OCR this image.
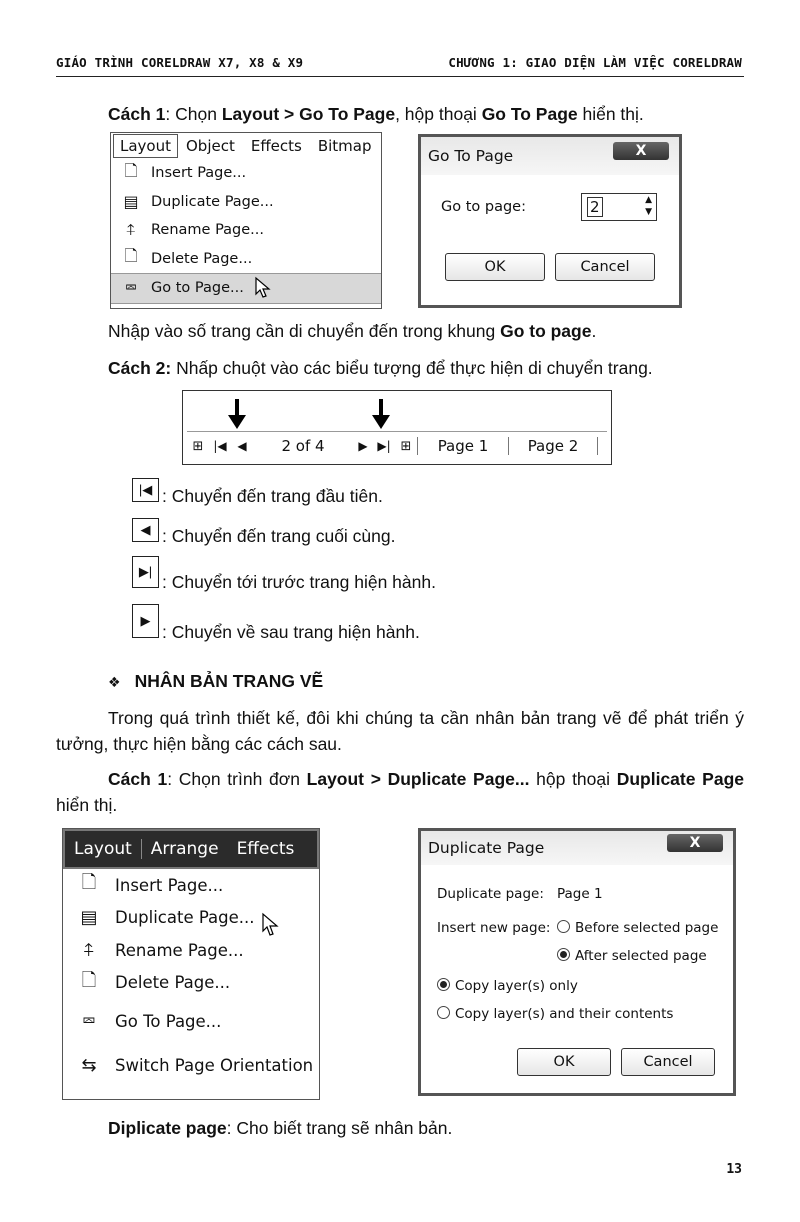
GIÁO TRÌNH CORELDRAW X7, X8 & X9	CHƯƠNG 1: GIAO DIỆN LÀM VIỆC CORELDRAW
Cách 1: Chọn Layout > Go To Page, hộp thoại Go To Page hiển thị.
Layout	Object	Effects	Bitmap
🗋 Insert Page...
▤ Duplicate Page...
⍏	Rename Page...
🗋 Delete Page...
⮹ Go to Page...
Go To Page	X
Go to page:	2	▲
▼
OK	Cancel
Nhập vào số trang cần di chuyển đến trong khung Go to page.
Cách 2: Nhấp chuột vào các biểu tượng để thực hiện di chuyển trang.
⊞ |◀ ◀	2 of 4	▶ ▶| ⊞	Page 1	Page 2
|◀ : Chuyển đến trang đầu tiên.
◀ : Chuyển đến trang cuối cùng.
▶|
: Chuyển tới trước trang hiện hành.
▶
: Chuyển về sau trang hiện hành.
❖ NHÂN BẢN TRANG VẼ
Trong quá trình thiết kế, đôi khi chúng ta cần nhân bản trang vẽ để phát triển ý tưởng, thực hiện bằng các cách sau.
Cách 1: Chọn trình đơn Layout > Duplicate Page... hộp thoại Duplicate Page hiển thị.
Layout	Arrange	Effects
🗋	Insert Page...
▤	Duplicate Page...
⍏	Rename Page...
🗋	Delete Page...
⮹	Go To Page...
⇆	Switch Page Orientation
Duplicate Page	X
Duplicate page: Page 1
Insert new page:	Before selected page
After selected page
Copy layer(s) only
Copy layer(s) and their contents
OK	Cancel
Diplicate page: Cho biết trang sẽ nhân bản.
13
